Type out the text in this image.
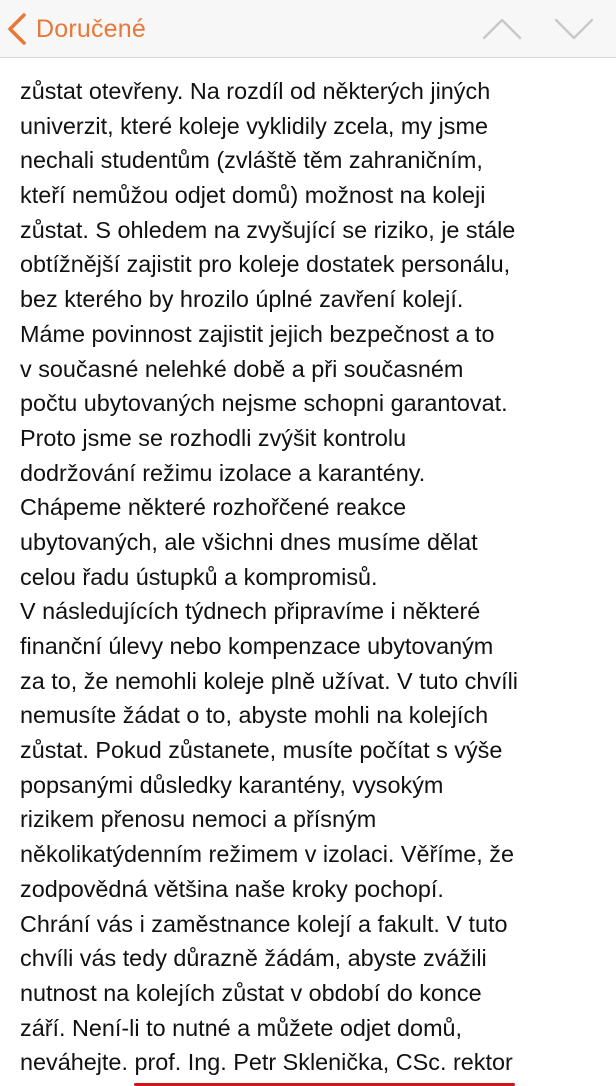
Doručené
zůstat otevřeny. Na rozdíl od některých jiných
univerzit, které koleje vyklidily zcela, my jsme
nechali studentům (zvláště těm zahraničním,
kteří nemůžou odjet domů) možnost na koleji
zůstat. S ohledem na zvyšující se riziko, je stále
obtížnější zajistit pro koleje dostatek personálu,
bez kterého by hrozilo úplné zavření kolejí.
Máme povinnost zajistit jejich bezpečnost a to
v současné nelehké době a při současném
počtu ubytovaných nejsme schopni garantovat.
Proto jsme se rozhodli zvýšit kontrolu
dodržování režimu izolace a karantény.
Chápeme některé rozhořčené reakce
ubytovaných, ale všichni dnes musíme dělat
celou řadu ústupků a kompromisů.
V následujících týdnech připravíme i některé
finanční úlevy nebo kompenzace ubytovaným
za to, že nemohli koleje plně užívat. V tuto chvíli
nemusíte žádat o to, abyste mohli na kolejích
zůstat. Pokud zůstanete, musíte počítat s výše
popsanými důsledky karantény, vysokým
rizikem přenosu nemoci a přísným
několikatýdenním režimem v izolaci. Věříme, že
zodpovědná většina naše kroky pochopí.
Chrání vás i zaměstnance kolejí a fakult. V tuto
chvíli vás tedy důrazně žádám, abyste zvážili
nutnost na kolejích zůstat v období do konce
září. Není-li to nutné a můžete odjet domů,
neváhejte. prof. Ing. Petr Sklenička, CSc. rektor
